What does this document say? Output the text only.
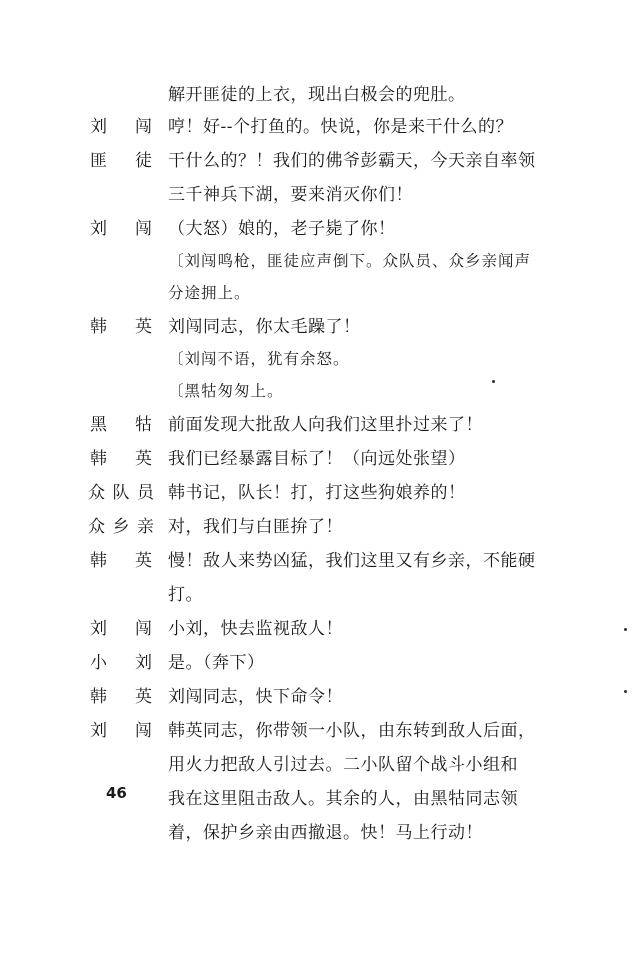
解开匪徒的上衣，现出白极会的兜肚。
刘 闯 哼！好--个打鱼的。快说，你是来干什么的？
匪 徒 干什么的？！我们的佛爷彭霸天，今天亲自率领
三千神兵下湖，要来消灭你们！
刘 闯 （大怒）娘的，老子毙了你！
〔刘闯鸣枪，匪徒应声倒下。众队员、众乡亲闻声
分途拥上。
韩 英 刘闯同志，你太毛躁了！
〔刘闯不语，犹有余怒。
〔黑牯匆匆上。
黑 牯 前面发现大批敌人向我们这里扑过来了！
韩 英 我们已经暴露目标了！（向远处张望）
众 队 员 韩书记，队长！打，打这些狗娘养的！
众 乡 亲 对，我们与白匪拚了！
韩 英 慢！敌人来势凶猛，我们这里又有乡亲，不能硬
打。
刘 闯 小刘，快去监视敌人！
小 刘 是。（奔下）
韩 英 刘闯同志，快下命令！
刘 闯 韩英同志，你带领一小队，由东转到敌人后面，
用火力把敌人引过去。二小队留个战斗小组和
我在这里阻击敌人。其余的人，由黑牯同志领
着，保护乡亲由西撤退。快！马上行动！
46
